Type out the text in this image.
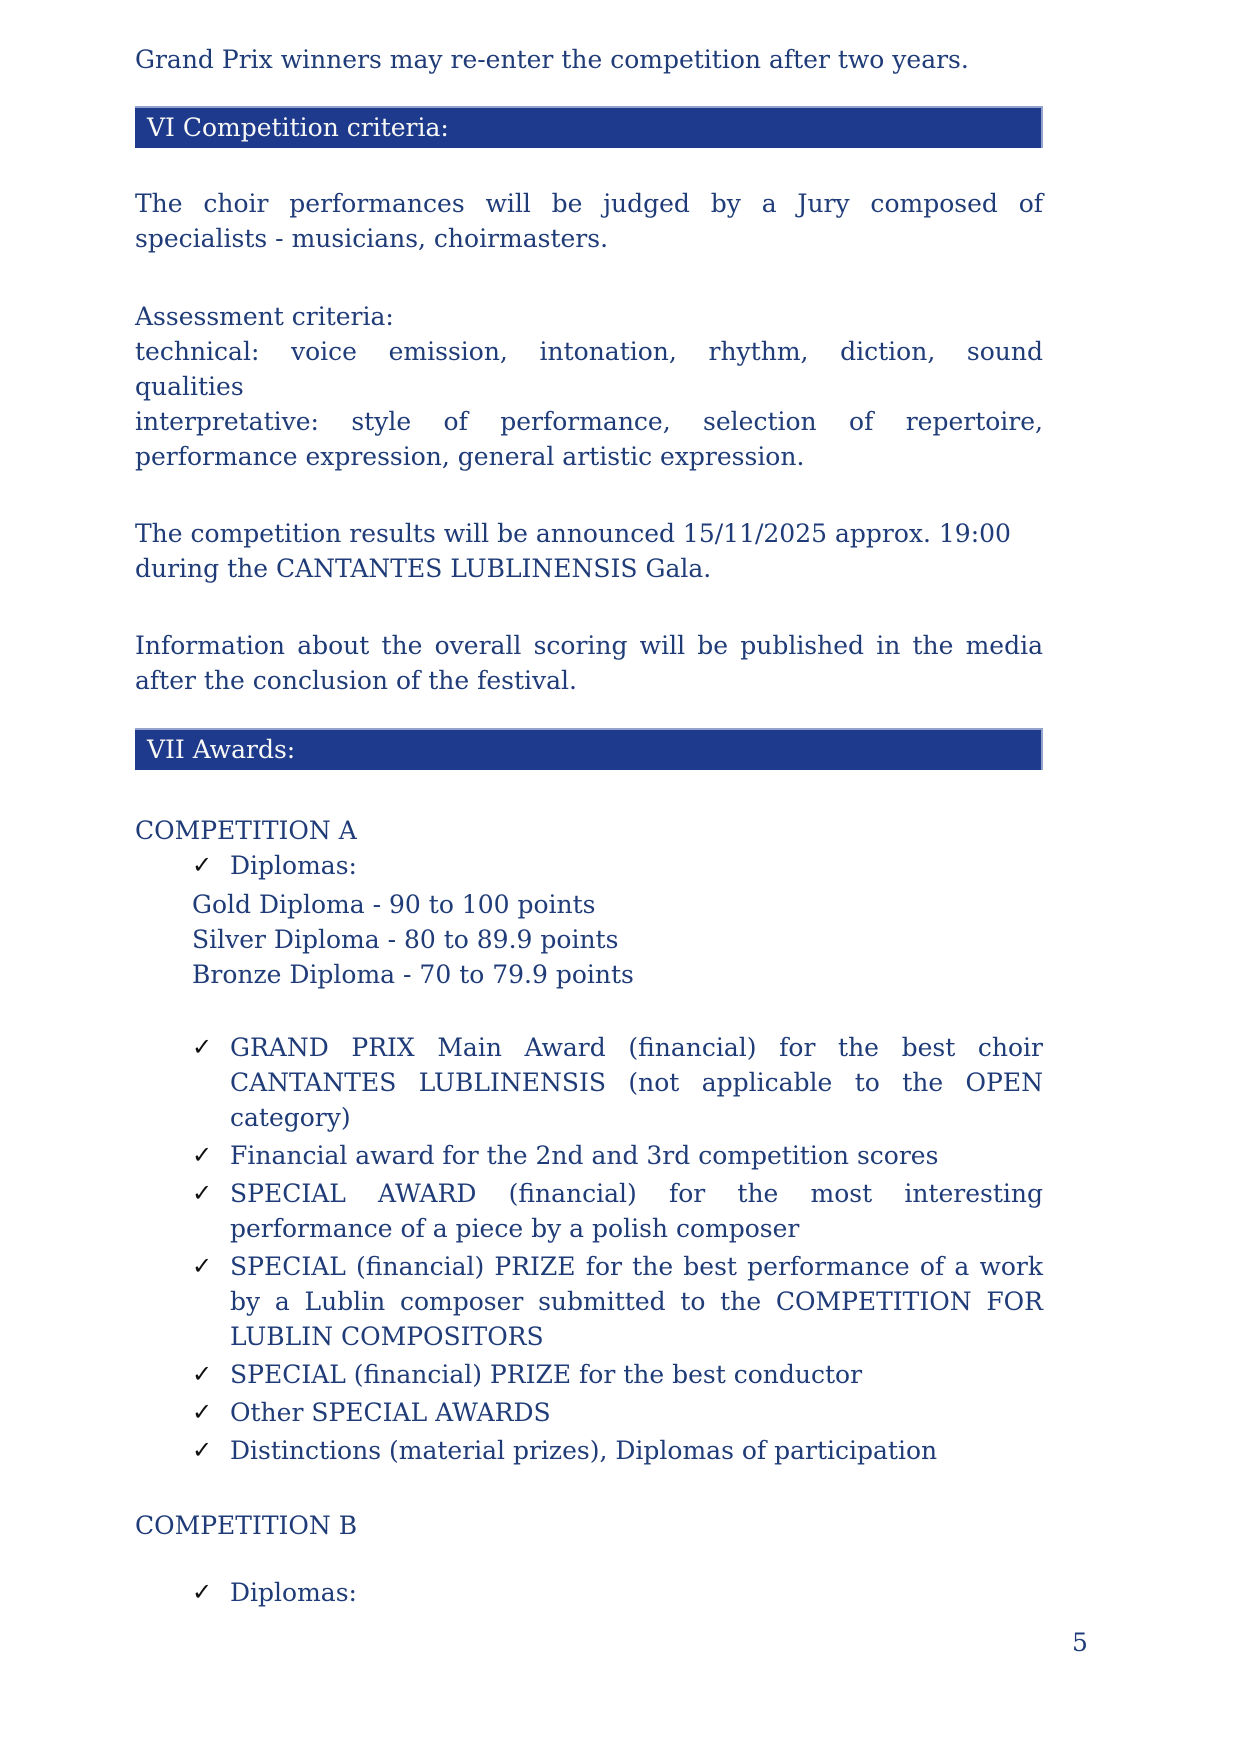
Grand Prix winners may re-enter the competition after two years.
VI Competition criteria:
The choir performances will be judged by a Jury composed of
specialists - musicians, choirmasters.
Assessment criteria:
technical: voice emission, intonation, rhythm, diction, sound
qualities
interpretative: style of performance, selection of repertoire,
performance expression, general artistic expression.
The competition results will be announced 15/11/2025 approx. 19:00
during the CANTANTES LUBLINENSIS Gala.
Information about the overall scoring will be published in the media
after the conclusion of the festival.
VII Awards:
COMPETITION A
✓ Diplomas:
Gold Diploma - 90 to 100 points
Silver Diploma - 80 to 89.9 points
Bronze Diploma - 70 to 79.9 points
✓ GRAND PRIX Main Award (financial) for the best choir
CANTANTES LUBLINENSIS (not applicable to the OPEN
category)
✓ Financial award for the 2nd and 3rd competition scores
✓ SPECIAL AWARD (financial) for the most interesting
performance of a piece by a polish composer
✓ SPECIAL (financial) PRIZE for the best performance of a work
by a Lublin composer submitted to the COMPETITION FOR
LUBLIN COMPOSITORS
✓ SPECIAL (financial) PRIZE for the best conductor
✓ Other SPECIAL AWARDS
✓ Distinctions (material prizes), Diplomas of participation
COMPETITION B
✓ Diplomas:
5
